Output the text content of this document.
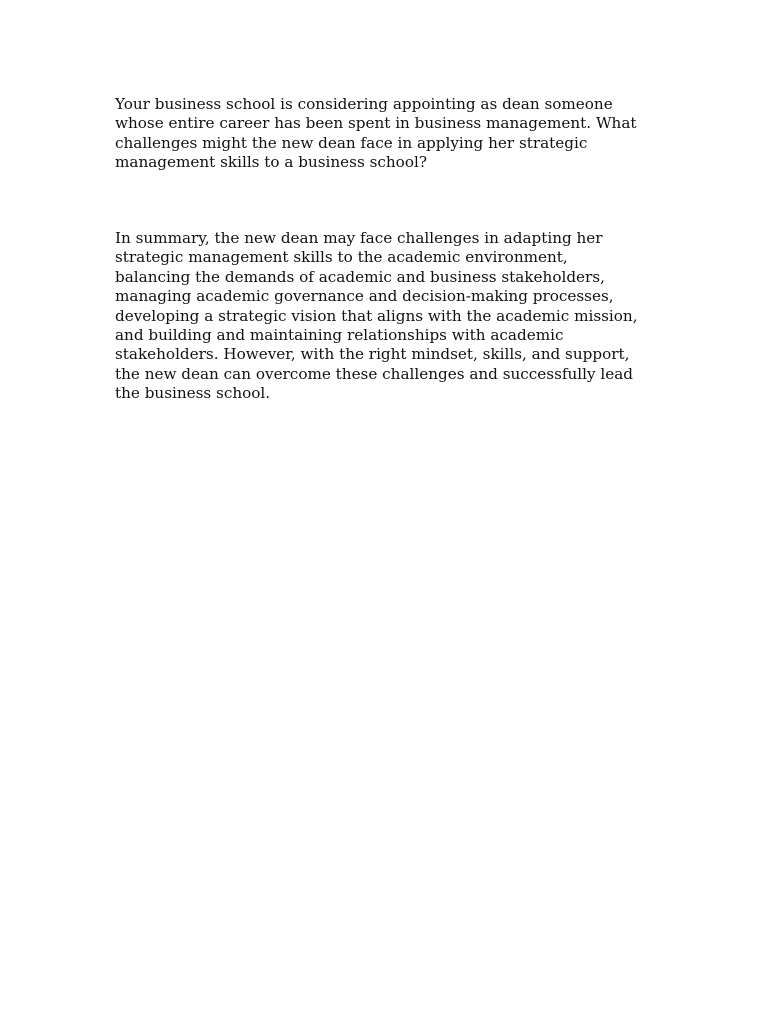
Your business school is considering appointing as dean someone
whose entire career has been spent in business management. What
challenges might the new dean face in applying her strategic
management skills to a business school?

In summary, the new dean may face challenges in adapting her
strategic management skills to the academic environment,
balancing the demands of academic and business stakeholders,
managing academic governance and decision-making processes,
developing a strategic vision that aligns with the academic mission,
and building and maintaining relationships with academic
stakeholders. However, with the right mindset, skills, and support,
the new dean can overcome these challenges and successfully lead
the business school.
